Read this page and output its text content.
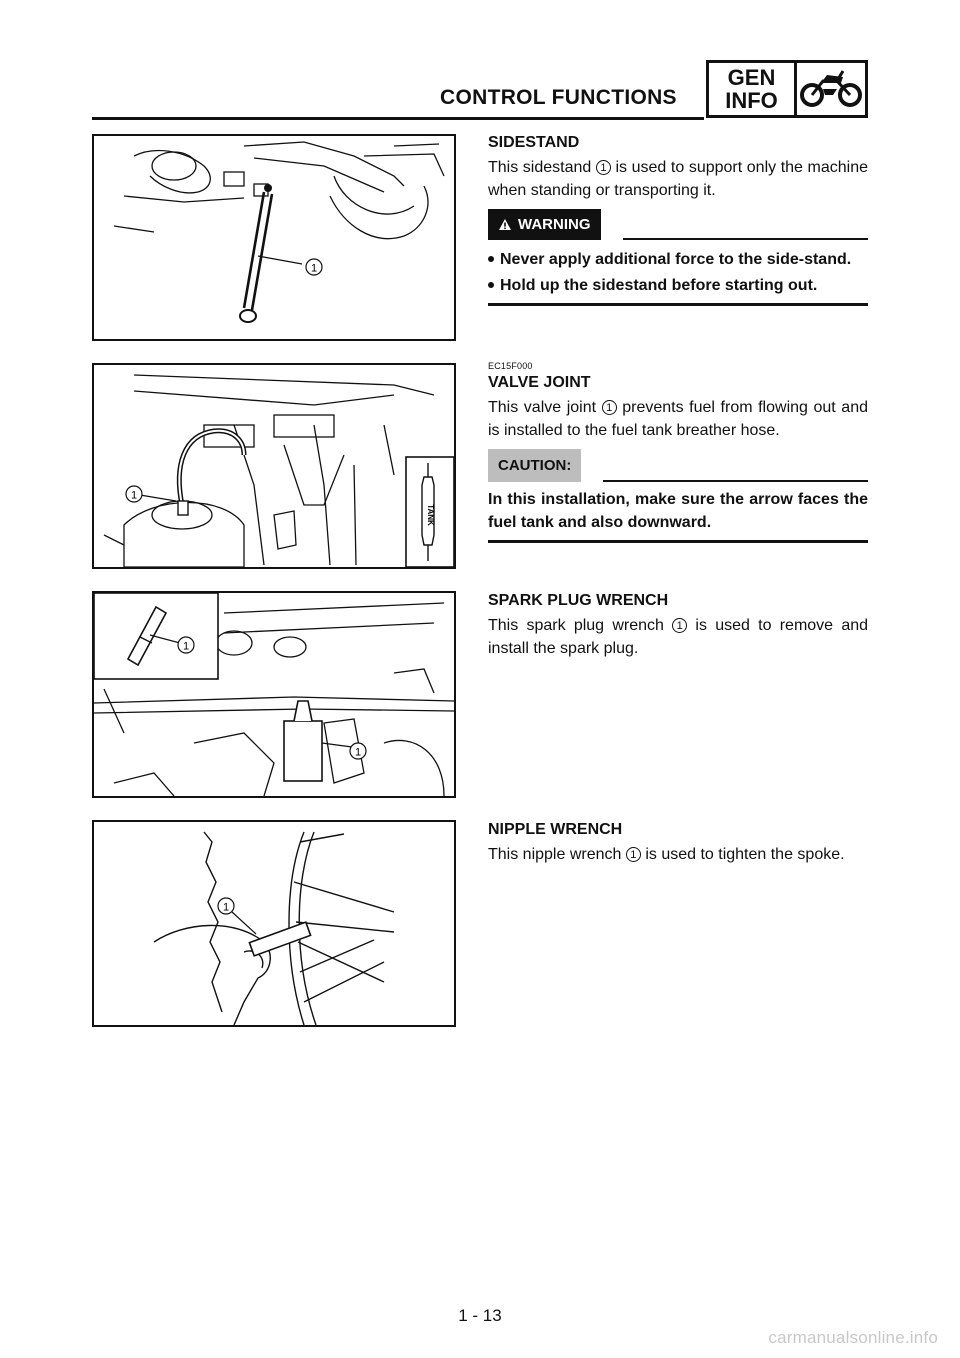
CONTROL FUNCTIONS
GEN
INFO
1
1
TANK
1
1
1

SIDESTAND

This sidestand 1 is used to support only the machine when standing or transporting it.

WARNING
Never apply additional force to the side-stand.
Hold up the sidestand before starting out.

EC15F000

VALVE JOINT

This valve joint 1 prevents fuel from flowing out and is installed to the fuel tank breather hose.

CAUTION:

In this installation, make sure the arrow faces the fuel tank and also downward.

SPARK PLUG WRENCH

This spark plug wrench 1 is used to remove and install the spark plug.

NIPPLE WRENCH

This nipple wrench 1 is used to tighten the spoke.

1 - 13
carmanualsonline.info
